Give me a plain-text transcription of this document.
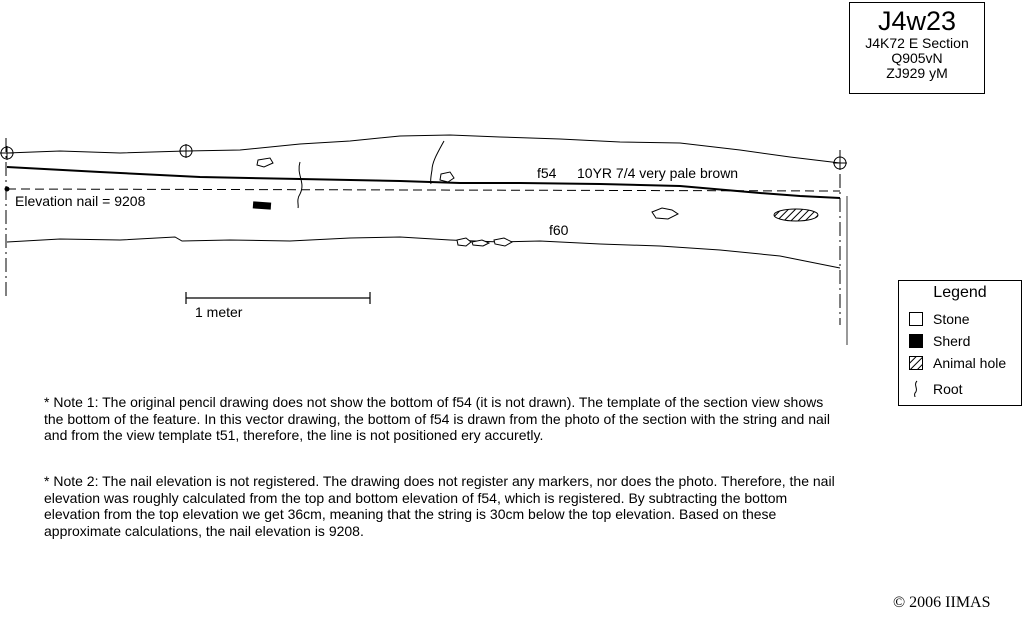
f54 10YR 7/4 very pale brown
f60
Elevation nail = 9208
1 meter
J4w23
J4K72 E Section
Q905vN
ZJ929 yM
Legend
Stone
Sherd
Animal hole
Root
* Note 1: The original pencil drawing does not show the bottom of f54 (it is not drawn). The template of the section view shows the bottom of the feature. In this vector drawing, the bottom of f54 is drawn from the photo of the section with the string and nail and from the view template t51, therefore, the line is not positioned ery accuretly.
* Note 2: The nail elevation is not registered. The drawing does not register any markers, nor does the photo. Therefore, the nail elevation was roughly calculated from the top and bottom elevation of f54, which is registered. By subtracting the bottom elevation from the top elevation we get 36cm, meaning that the string is 30cm below the top elevation. Based on these approximate calculations, the nail elevation is 9208.
© 2006 IIMAS
